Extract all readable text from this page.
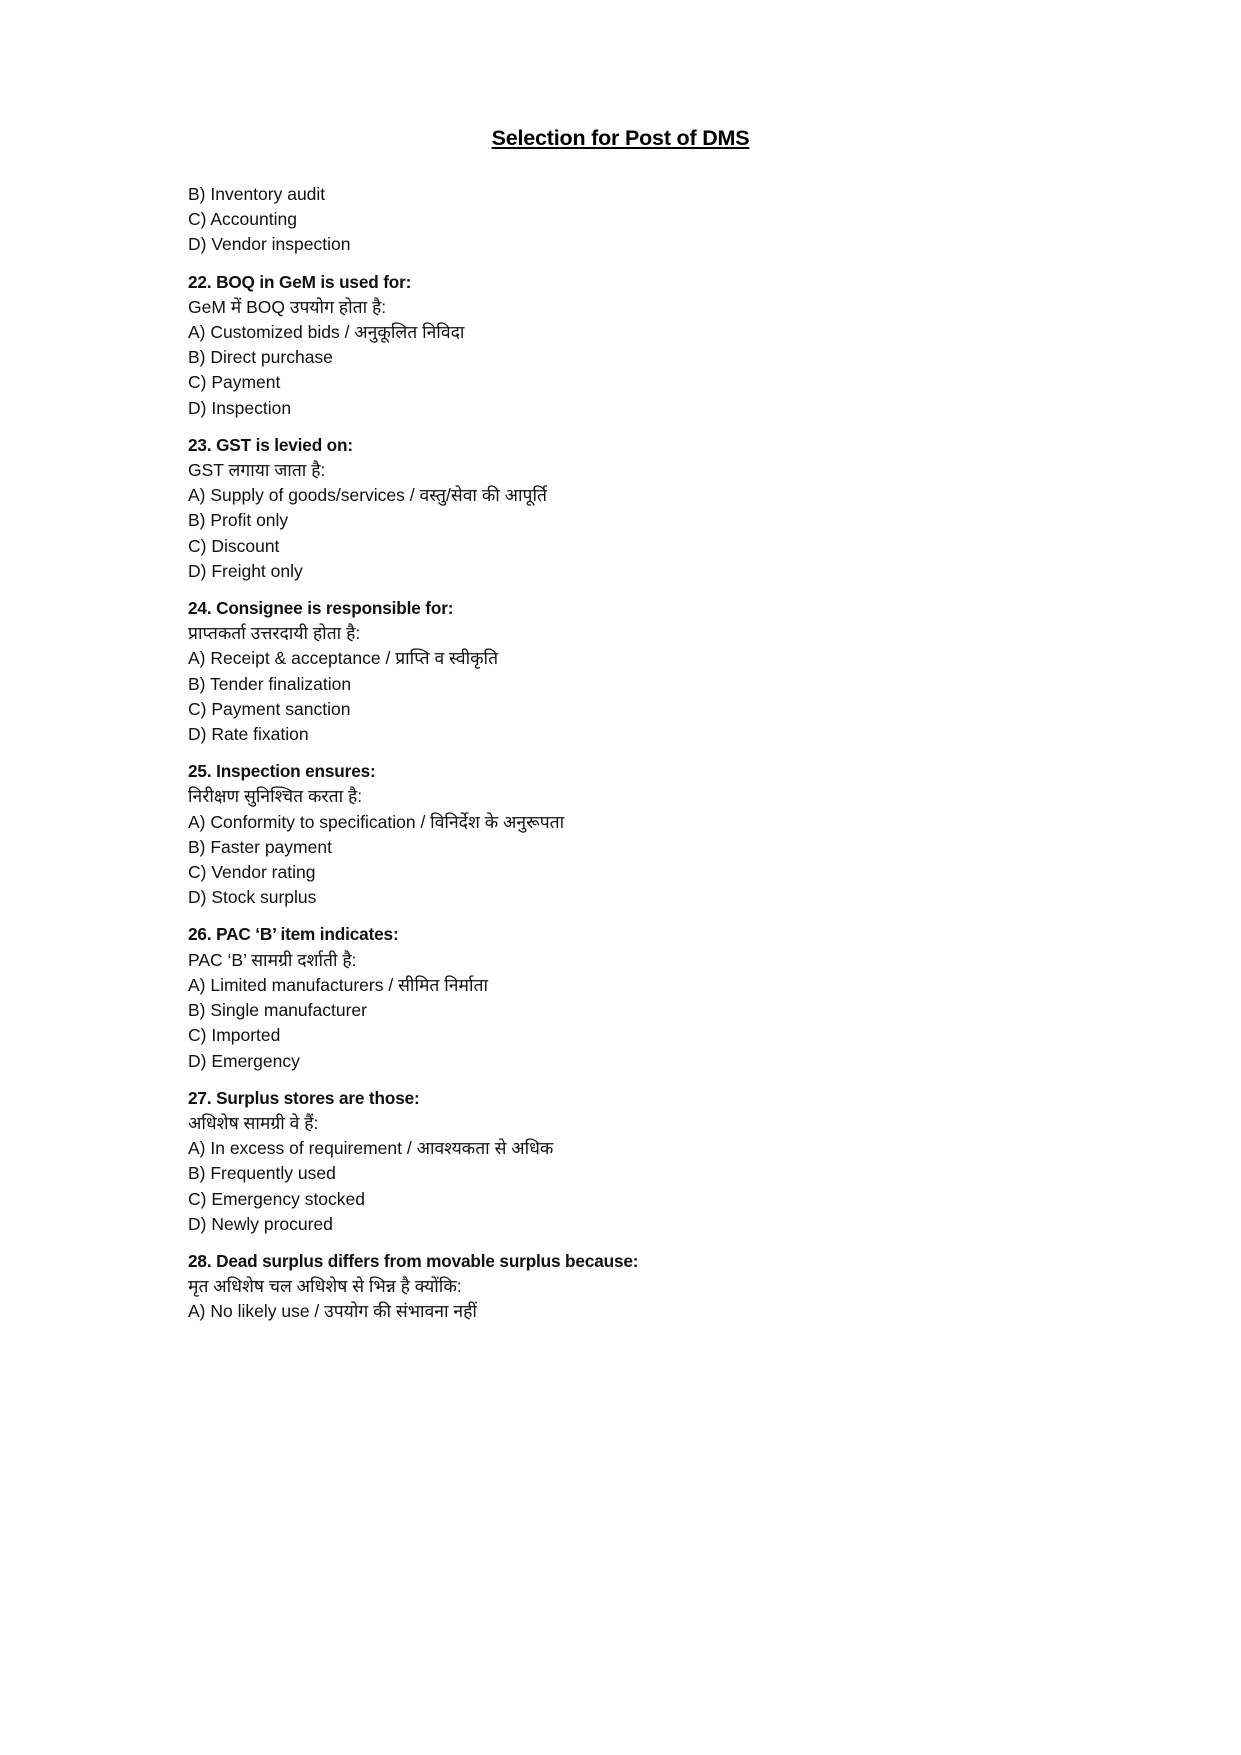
Selection for Post of DMS
B) Inventory audit
C) Accounting
D) Vendor inspection
22. BOQ in GeM is used for:
GeM में BOQ उपयोग होता है:
A) Customized bids / अनुकूलित निविदा
B) Direct purchase
C) Payment
D) Inspection
23. GST is levied on:
GST लगाया जाता है:
A) Supply of goods/services / वस्तु/सेवा की आपूर्ति
B) Profit only
C) Discount
D) Freight only
24. Consignee is responsible for:
प्राप्तकर्ता उत्तरदायी होता है:
A) Receipt & acceptance / प्राप्ति व स्वीकृति
B) Tender finalization
C) Payment sanction
D) Rate fixation
25. Inspection ensures:
निरीक्षण सुनिश्चित करता है:
A) Conformity to specification / विनिर्देश के अनुरूपता
B) Faster payment
C) Vendor rating
D) Stock surplus
26. PAC ‘B’ item indicates:
PAC ‘B’ सामग्री दर्शाती है:
A) Limited manufacturers / सीमित निर्माता
B) Single manufacturer
C) Imported
D) Emergency
27. Surplus stores are those:
अधिशेष सामग्री वे हैं:
A) In excess of requirement / आवश्यकता से अधिक
B) Frequently used
C) Emergency stocked
D) Newly procured
28. Dead surplus differs from movable surplus because:
मृत अधिशेष चल अधिशेष से भिन्न है क्योंकि:
A) No likely use / उपयोग की संभावना नहीं
